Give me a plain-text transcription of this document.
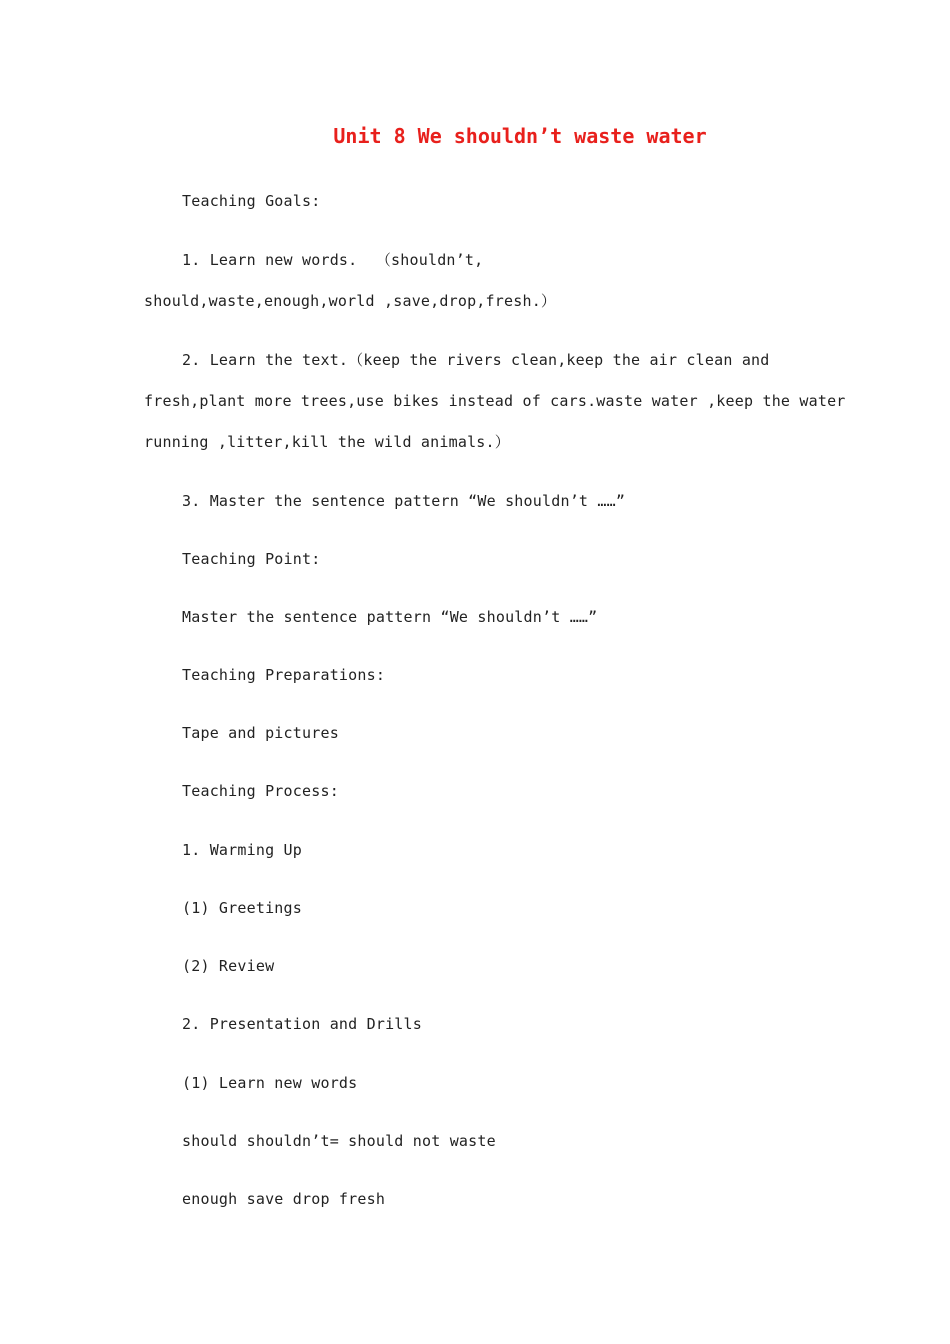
Unit 8 We shouldn’t waste water
Teaching Goals:
1. Learn new words.  （shouldn’t,
should,waste,enough,world ,save,drop,fresh.）
2. Learn the text.（keep the rivers clean,keep the air clean and
fresh,plant more trees,use bikes instead of cars.waste water ,keep the water
running ,litter,kill the wild animals.）
3. Master the sentence pattern “We shouldn’t ……”
Teaching Point:
Master the sentence pattern “We shouldn’t ……”
Teaching Preparations:
Tape and pictures
Teaching Process:
1. Warming Up
(1) Greetings
(2) Review
2. Presentation and Drills
(1) Learn new words
should shouldn’t= should not waste
enough save drop fresh
